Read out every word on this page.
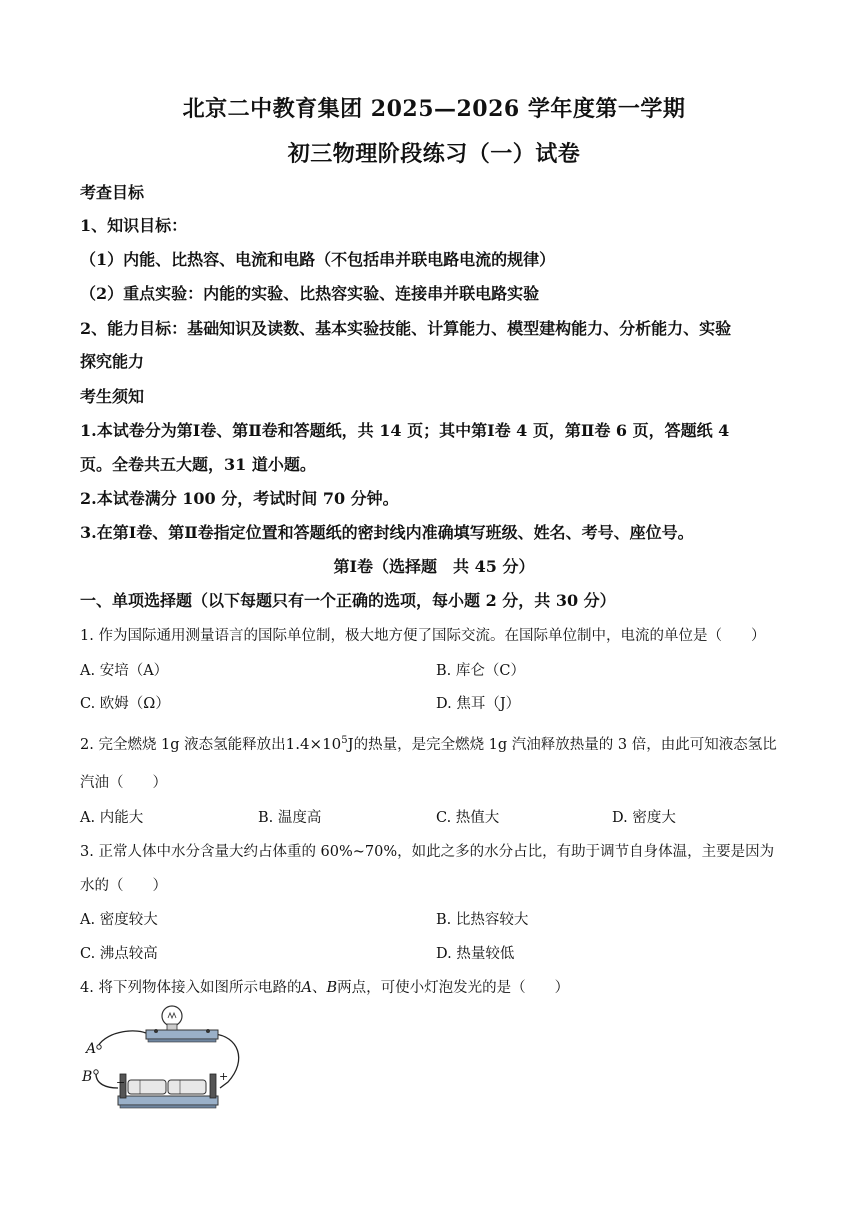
北京二中教育集团 2025—2026 学年度第一学期
初三物理阶段练习（一）试卷
考查目标
1、知识目标：
（1）内能、比热容、电流和电路（不包括串并联电路电流的规律）
（2）重点实验：内能的实验、比热容实验、连接串并联电路实验
2、能力目标：基础知识及读数、基本实验技能、计算能力、模型建构能力、分析能力、实验
探究能力
考生须知
1.本试卷分为第Ⅰ卷、第Ⅱ卷和答题纸，共 14 页；其中第Ⅰ卷 4 页，第Ⅱ卷 6 页，答题纸 4
页。全卷共五大题，31 道小题。
2.本试卷满分 100 分，考试时间 70 分钟。
3.在第Ⅰ卷、第Ⅱ卷指定位置和答题纸的密封线内准确填写班级、姓名、考号、座位号。
第Ⅰ卷（选择题　共 45 分）
一、单项选择题（以下每题只有一个正确的选项，每小题 2 分，共 30 分）
1. 作为国际通用测量语言的国际单位制，极大地方便了国际交流。在国际单位制中，电流的单位是（　　）
A. 安培（A）	B. 库仑（C）
C. 欧姆（Ω）	D. 焦耳（J）
2. 完全燃烧 1g 液态氢能释放出$1.4\times 10^5J$的热量，是完全燃烧 1g 汽油释放热量的 3 倍，由此可知液态氢比
汽油（　　）
A. 内能大	B. 温度高	C. 热值大	D. 密度大
3. 正常人体中水分含量大约占体重的 60%~70%，如此之多的水分占比，有助于调节自身体温，主要是因为
水的（　　）
A. 密度较大	B. 比热容较大
C. 沸点较高	D. 热量较低
4. 将下列物体接入如图所示电路的A、B两点，可使小灯泡发光的是（　　）
A
B −	+
